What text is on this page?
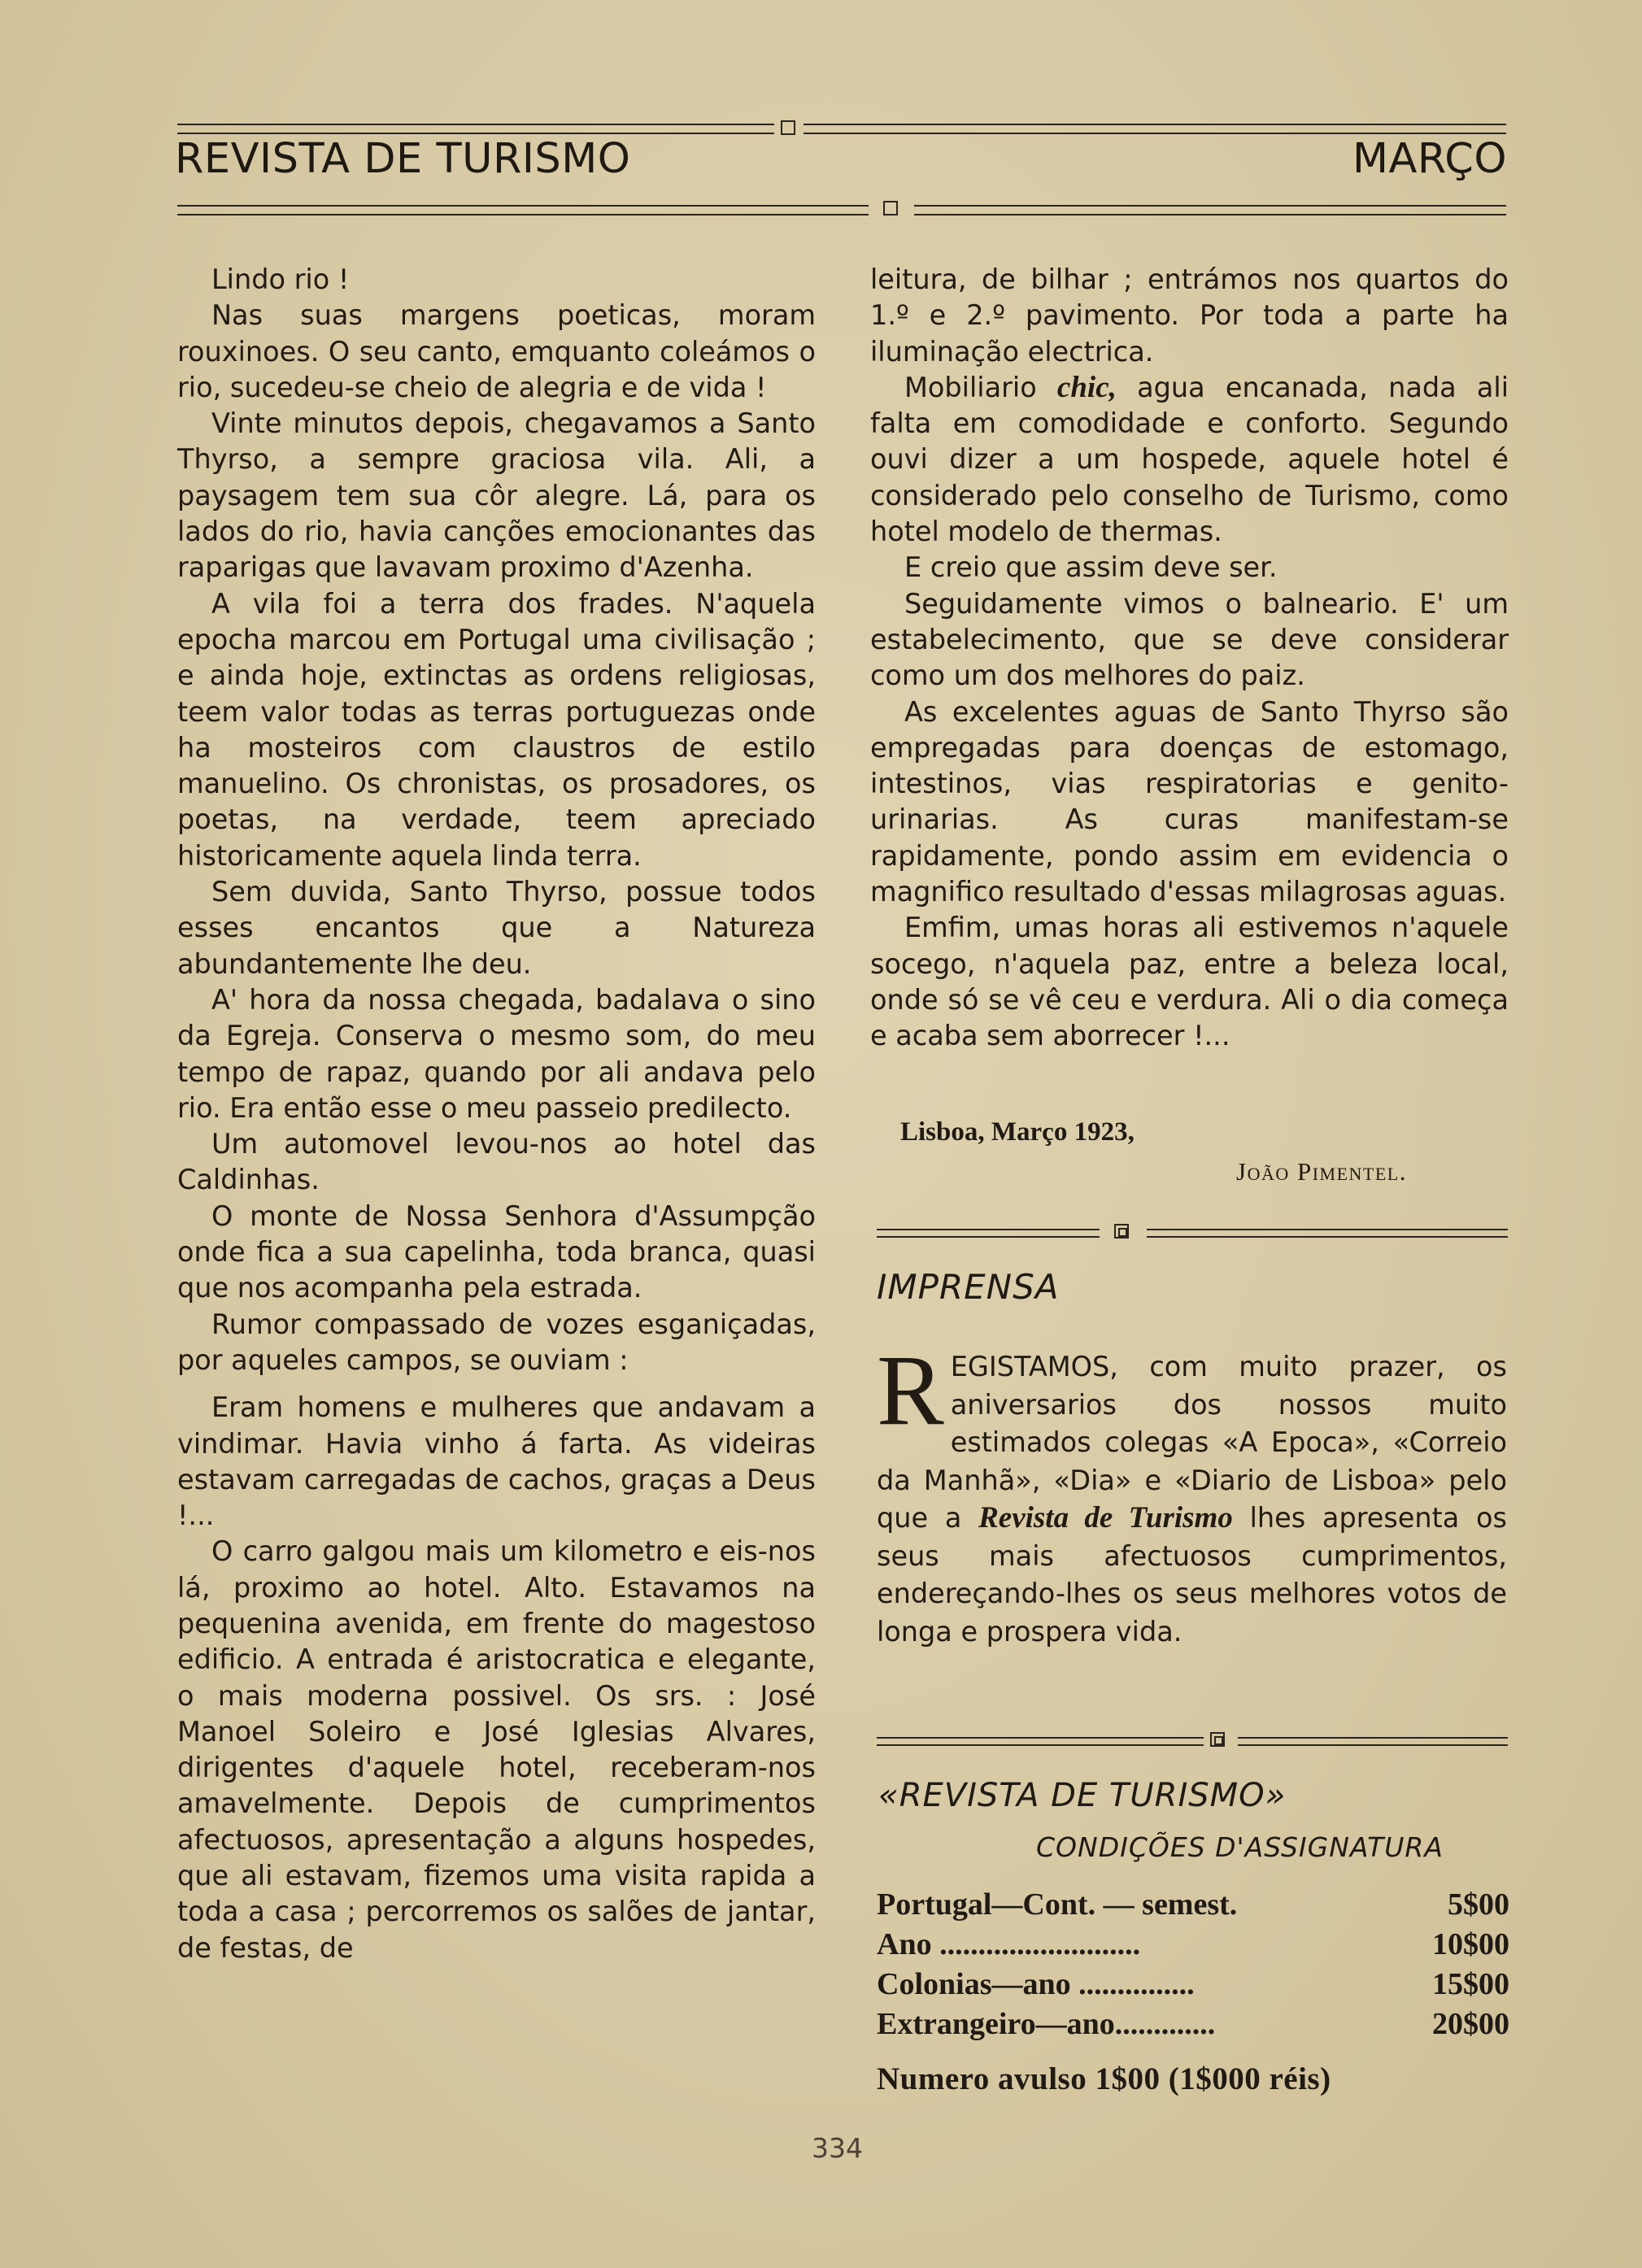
REVISTA DE TURISMO	MARÇO

Lindo rio !

Nas suas margens poeticas, moram rouxinoes. O seu canto, emquanto coleámos o rio, sucedeu-se cheio de alegria e de vida !

Vinte minutos depois, chegavamos a Santo Thyrso, a sempre graciosa vila. Ali, a paysagem tem sua côr alegre. Lá, para os lados do rio, havia canções emocionantes das raparigas que lavavam proximo d'Azenha.

A vila foi a terra dos frades. N'aquela epocha marcou em Portugal uma civilisação ; e ainda hoje, extinctas as ordens religiosas, teem valor todas as terras portuguezas onde ha mosteiros com claustros de estilo manuelino. Os chronistas, os prosadores, os poetas, na verdade, teem apreciado historicamente aquela linda terra.

Sem duvida, Santo Thyrso, possue todos esses encantos que a Natureza abundantemente lhe deu.

A' hora da nossa chegada, badalava o sino da Egreja. Conserva o mesmo som, do meu tempo de rapaz, quando por ali andava pelo rio. Era então esse o meu passeio predilecto.

Um automovel levou-nos ao hotel das Caldinhas.

O monte de Nossa Senhora d'Assumpção onde fica a sua capelinha, toda branca, quasi que nos acompanha pela estrada.

Rumor compassado de vozes esganiçadas, por aqueles campos, se ouviam :

Eram homens e mulheres que andavam a vindimar. Havia vinho á farta. As videiras estavam carregadas de cachos, graças a Deus !...

O carro galgou mais um kilometro e eis-nos lá, proximo ao hotel. Alto. Estavamos na pequenina avenida, em frente do magestoso edificio. A entrada é aristocratica e elegante, o mais moderna possivel. Os srs. : José Manoel Soleiro e José Iglesias Alvares, dirigentes d'aquele hotel, receberam-nos amavelmente. Depois de cumprimentos afectuosos, apresentação a alguns hospedes, que ali estavam, fizemos uma visita rapida a toda a casa ; percorremos os salões de jantar, de festas, de

leitura, de bilhar ; entrámos nos quartos do 1.º e 2.º pavimento. Por toda a parte ha iluminação electrica.

Mobiliario chic, agua encanada, nada ali falta em comodidade e conforto. Segundo ouvi dizer a um hospede, aquele hotel é considerado pelo conselho de Turismo, como hotel modelo de thermas.

E creio que assim deve ser.

Seguidamente vimos o balneario. E' um estabelecimento, que se deve considerar como um dos melhores do paiz.

As excelentes aguas de Santo Thyrso são empregadas para doenças de estomago, intestinos, vias respiratorias e genito-urinarias. As curas manifestam-se rapidamente, pondo assim em evidencia o magnifico resultado d'essas milagrosas aguas.

Emfim, umas horas ali estivemos n'aquele socego, n'aquela paz, entre a beleza local, onde só se vê ceu e verdura. Ali o dia começa e acaba sem aborrecer !...

Lisboa, Março 1923,
João Pimentel.
IMPRENSA

REGISTAMOS, com muito prazer, os aniversarios dos nossos muito estimados colegas «A Epoca», «Correio da Manhã», «Dia» e «Diario de Lisboa» pelo que a Revista de Turismo lhes apresenta os seus mais afectuosos cumprimentos, endereçando-lhes os seus melhores votos de longa e prospera vida.

«REVISTA DE TURISMO»
CONDIÇÕES D'ASSIGNATURA
Portugal—Cont. — semest.	5$00
Ano ..........................	10$00
Colonias—ano ...............	15$00
Extrangeiro—ano.............	20$00
Numero avulso 1$00 (1$000 réis)
334
